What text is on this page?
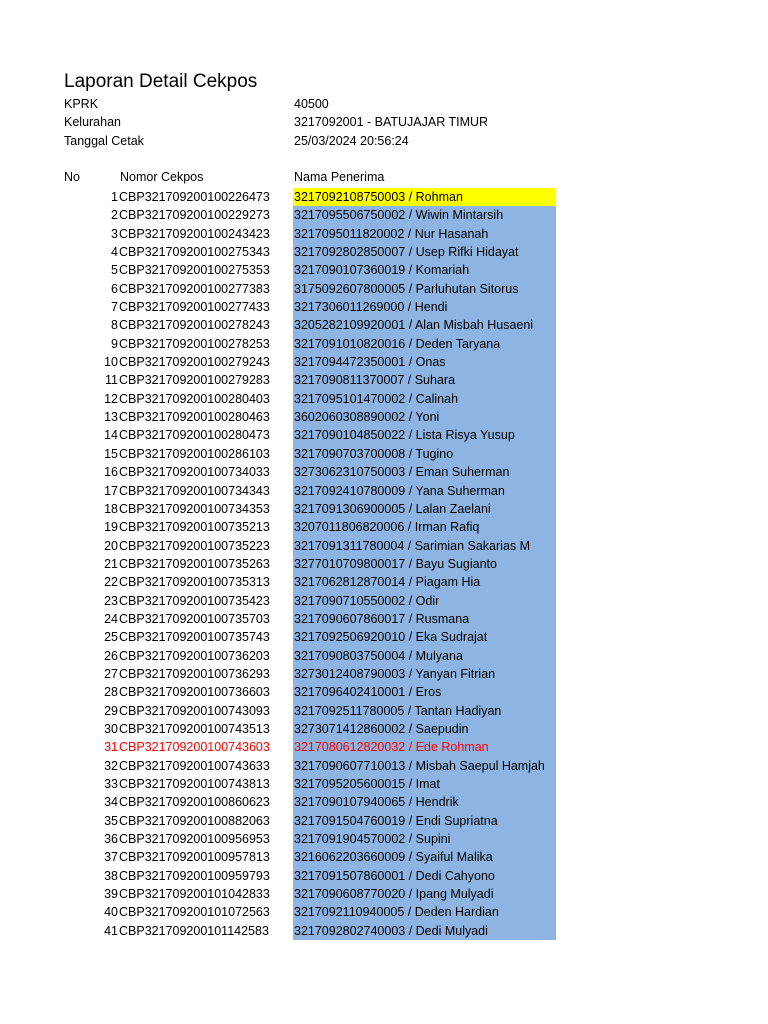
Laporan Detail Cekpos
KPRK	40500
Kelurahan	3217092001 - BATUJAJAR TIMUR
Tanggal Cetak	25/03/2024 20:56:24
No	Nomor Cekpos	Nama Penerima
1 CBP321709200100226473 3217092108750003 / Rohman
2 CBP321709200100229273 3217095506750002 / Wiwin Mintarsih
3 CBP321709200100243423 3217095011820002 / Nur Hasanah
4 CBP321709200100275343 3217092802850007 / Usep Rifki Hidayat
5 CBP321709200100275353 3217090107360019 / Komariah
6 CBP321709200100277383 3175092607800005 / Parluhutan Sitorus
7 CBP321709200100277433 3217306011269000 / Hendi
8 CBP321709200100278243 3205282109920001 / Alan Misbah Husaeni
9 CBP321709200100278253 3217091010820016 / Deden Taryana
10 CBP321709200100279243 3217094472350001 / Onas
11 CBP321709200100279283 3217090811370007 / Suhara
12 CBP321709200100280403 3217095101470002 / Calinah
13 CBP321709200100280463 3602060308890002 / Yoni
14 CBP321709200100280473 3217090104850022 / Lista Risya Yusup
15 CBP321709200100286103 3217090703700008 / Tugino
16 CBP321709200100734033 3273062310750003 / Eman Suherman
17 CBP321709200100734343 3217092410780009 / Yana Suherman
18 CBP321709200100734353 3217091306900005 / Lalan Zaelani
19 CBP321709200100735213 3207011806820006 / Irman Rafiq
20 CBP321709200100735223 3217091311780004 / Sarimian Sakarias M
21 CBP321709200100735263 3277010709800017 / Bayu Sugianto
22 CBP321709200100735313 3217062812870014 / Piagam Hia
23 CBP321709200100735423 3217090710550002 / Odir
24 CBP321709200100735703 3217090607860017 / Rusmana
25 CBP321709200100735743 3217092506920010 / Eka Sudrajat
26 CBP321709200100736203 3217090803750004 / Mulyana
27 CBP321709200100736293 3273012408790003 / Yanyan Fitrian
28 CBP321709200100736603 3217096402410001 / Eros
29 CBP321709200100743093 3217092511780005 / Tantan Hadiyan
30 CBP321709200100743513 3273071412860002 / Saepudin
31 CBP321709200100743603 3217080612820032 / Ede Rohman
32 CBP321709200100743633 3217090607710013 / Misbah Saepul Hamjah
33 CBP321709200100743813 3217095205600015 / Imat
34 CBP321709200100860623 3217090107940065 / Hendrik
35 CBP321709200100882063 3217091504760019 / Endi Supriatna
36 CBP321709200100956953 3217091904570002 / Supini
37 CBP321709200100957813 3216062203660009 / Syaiful Malika
38 CBP321709200100959793 3217091507860001 / Dedi Cahyono
39 CBP321709200101042833 3217090608770020 / Ipang Mulyadi
40 CBP321709200101072563 3217092110940005 / Deden Hardian
41 CBP321709200101142583 3217092802740003 / Dedi Mulyadi
